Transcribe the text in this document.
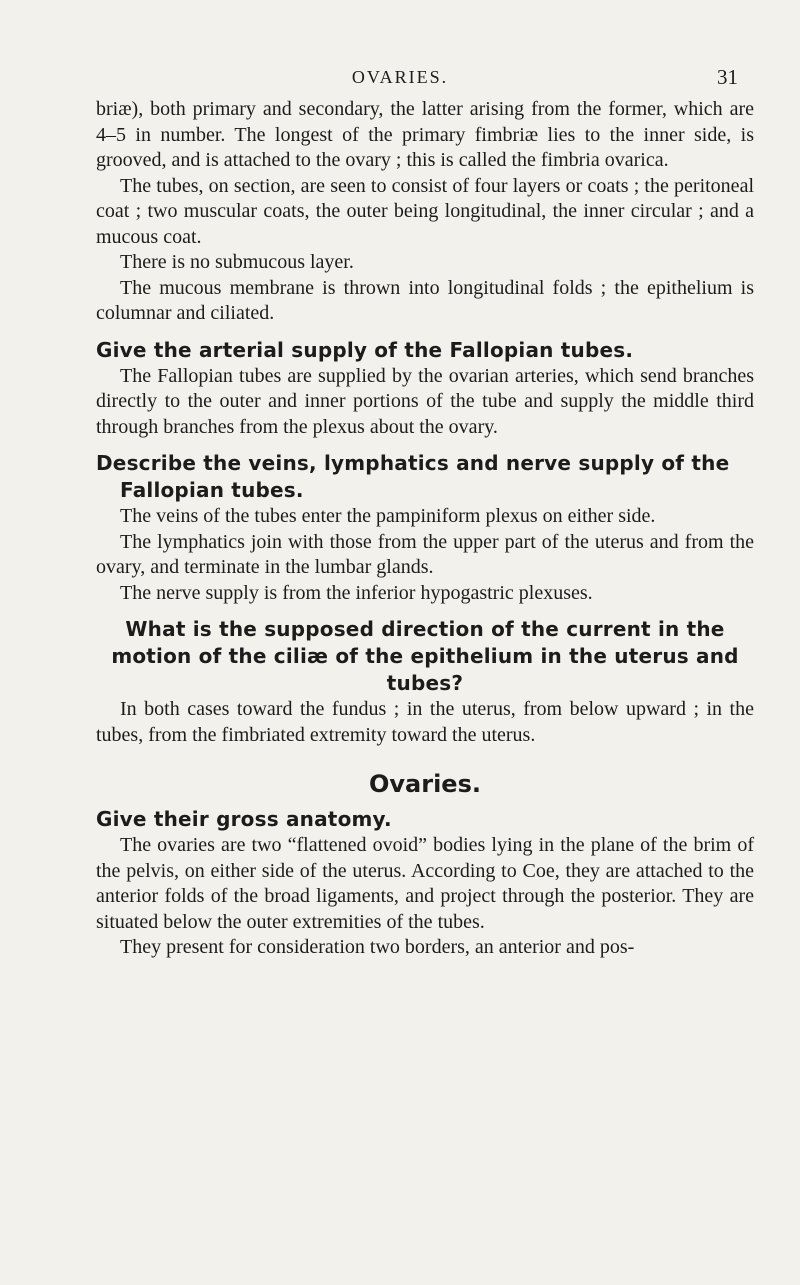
OVARIES.	31

briæ), both primary and secondary, the latter arising from the former, which are 4–5 in number. The longest of the primary fimbriæ lies to the inner side, is grooved, and is attached to the ovary ; this is called the fimbria ovarica.

The tubes, on section, are seen to consist of four layers or coats ; the peritoneal coat ; two muscular coats, the outer being longitudinal, the inner circular ; and a mucous coat.

There is no submucous layer.

The mucous membrane is thrown into longitudinal folds ; the epithelium is columnar and ciliated.

Give the arterial supply of the Fallopian tubes.

The Fallopian tubes are supplied by the ovarian arteries, which send branches directly to the outer and inner portions of the tube and supply the middle third through branches from the plexus about the ovary.

Describe the veins, lymphatics and nerve supply of the Fallopian tubes.

The veins of the tubes enter the pampiniform plexus on either side.

The lymphatics join with those from the upper part of the uterus and from the ovary, and terminate in the lumbar glands.

The nerve supply is from the inferior hypogastric plexuses.

What is the supposed direction of the current in the motion of the ciliæ of the epithelium in the uterus and tubes?

In both cases toward the fundus ; in the uterus, from below upward ; in the tubes, from the fimbriated extremity toward the uterus.

Ovaries.
Give their gross anatomy.

The ovaries are two “flattened ovoid” bodies lying in the plane of the brim of the pelvis, on either side of the uterus. According to Coe, they are attached to the anterior folds of the broad ligaments, and project through the posterior. They are situated below the outer extremities of the tubes.

They present for consideration two borders, an anterior and pos-
